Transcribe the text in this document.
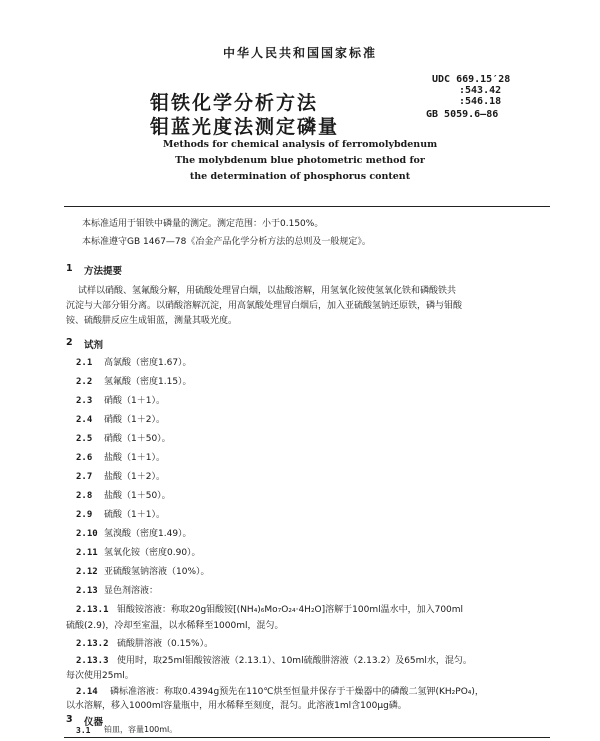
中华人民共和国国家标准
钼铁化学分析方法
钼蓝光度法测定磷量
UDC 669.15′28
:543.42
:546.18
GB 5059.6—86
Methods for chemical analysis of ferromolybdenum
The molybdenum blue photometric method for
the determination of phosphorus content
本标准适用于钼铁中磷量的测定。测定范围：小于0.150%。
本标准遵守GB 1467—78《冶金产品化学分析方法的总则及一般规定》。
1 方法提要
试样以硝酸、氢氟酸分解，用硫酸处理冒白烟，以盐酸溶解，用氢氧化铵使氢氧化铁和磷酸铁共
沉淀与大部分钼分离。以硝酸溶解沉淀，用高氯酸处理冒白烟后，加入亚硫酸氢钠还原铁，磷与钼酸
铵、硫酸肼反应生成钼蓝，测量其吸光度。
2 试剂
2.1 高氯酸（密度1.67）。
2.2 氢氟酸（密度1.15）。
2.3 硝酸（1＋1）。
2.4 硝酸（1＋2）。
2.5 硝酸（1＋50）。
2.6 盐酸（1＋1）。
2.7 盐酸（1＋2）。
2.8 盐酸（1＋50）。
2.9 硫酸（1＋1）。
2.10 氢溴酸（密度1.49）。
2.11 氢氧化铵（密度0.90）。
2.12 亚硫酸氢钠溶液（10%）。
2.13 显色剂溶液：
2.13.1 钼酸铵溶液：称取20g钼酸铵[(NH₄)₆Mo₇O₂₄·4H₂O]溶解于100ml温水中，加入700ml
硫酸(2.9)，冷却至室温，以水稀释至1000ml，混匀。
2.13.2 硫酸肼溶液（0.15%）。
2.13.3 使用时，取25ml钼酸铵溶液（2.13.1）、10ml硫酸肼溶液（2.13.2）及65ml水，混匀。
每次使用25ml。
2.14 磷标准溶液：称取0.4394g预先在110℃烘至恒量并保存于干燥器中的磷酸二氢钾(KH₂PO₄)，
以水溶解，移入1000ml容量瓶中，用水稀释至刻度，混匀。此溶液1ml含100μg磷。
3 仪器
3.1 铂皿，容量100ml。
